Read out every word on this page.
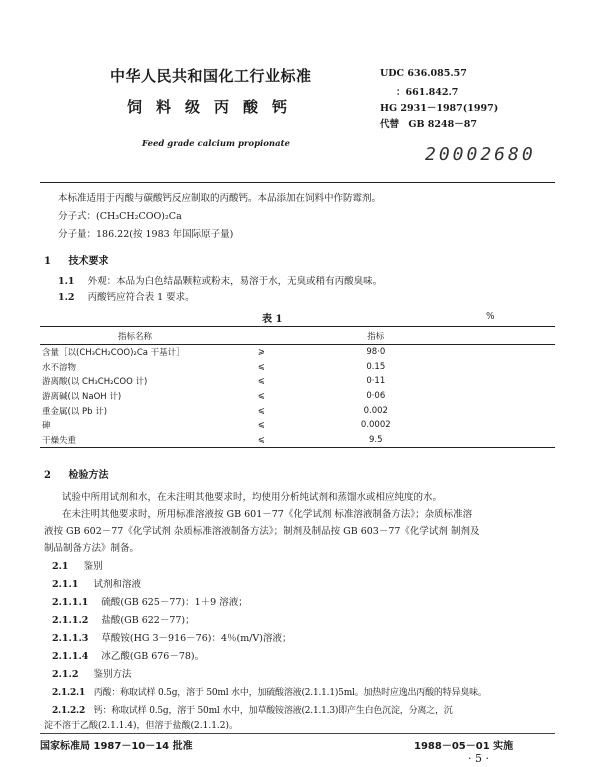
中华人民共和国化工行业标准
饲料级丙酸钙
Feed grade calcium propionate
UDC 636.085.57
：661.842.7
HG 2931－1987(1997)
代替 GB 8248－87
20002680
本标准适用于丙酸与碳酸钙反应制取的丙酸钙。本品添加在饲料中作防霉剂。
分子式：(CH₃CH₂COO)₂Ca
分子量：186.22(按 1983 年国际原子量)
1 技术要求
1.1 外观：本品为白色结晶颗粒或粉末，易溶于水，无臭或稍有丙酸臭味。
1.2 丙酸钙应符合表 1 要求。
表 1	%
指标名称			指标	
含量［以(CH₃CH₂COO)₂Ca 干基计］		⩾	98·0	
水不溶物		⩽	0.15	
游离酸(以 CH₃CH₂COO 计)		⩽	0·11	
游离碱(以 NaOH 计)		⩽	0·06	
重金属(以 Pb 计)		⩽	0.002	
砷		⩽	0.0002	
干燥失重		⩽	9.5	
2 检验方法
试验中所用试剂和水，在未注明其他要求时，均使用分析纯试剂和蒸馏水或相应纯度的水。
在未注明其他要求时，所用标准溶液按 GB 601－77《化学试剂 标准溶液制备方法》；杂质标准溶
液按 GB 602－77《化学试剂 杂质标准溶液制备方法》；制剂及制品按 GB 603－77《化学试剂 制剂及
制品制备方法》制备。
2.1 鉴别
2.1.1 试剂和溶液
2.1.1.1 硫酸(GB 625－77)：1＋9 溶液；
2.1.1.2 盐酸(GB 622－77)；
2.1.1.3 草酸铵(HG 3－916－76)：4％(m/V)溶液；
2.1.1.4 冰乙酸(GB 676－78)。
2.1.2 鉴别方法
2.1.2.1 丙酸：称取试样 0.5g，溶于 50ml 水中，加硫酸溶液(2.1.1.1)5ml。加热时应逸出丙酸的特异臭味。
2.1.2.2 钙：称取试样 0.5g，溶于 50ml 水中，加草酸铵溶液(2.1.1.3)即产生白色沉淀，分离之，沉
淀不溶于乙酸(2.1.1.4)，但溶于盐酸(2.1.1.2)。
国家标准局 1987－10－14 批准	1988－05－01 实施
· 5 ·
